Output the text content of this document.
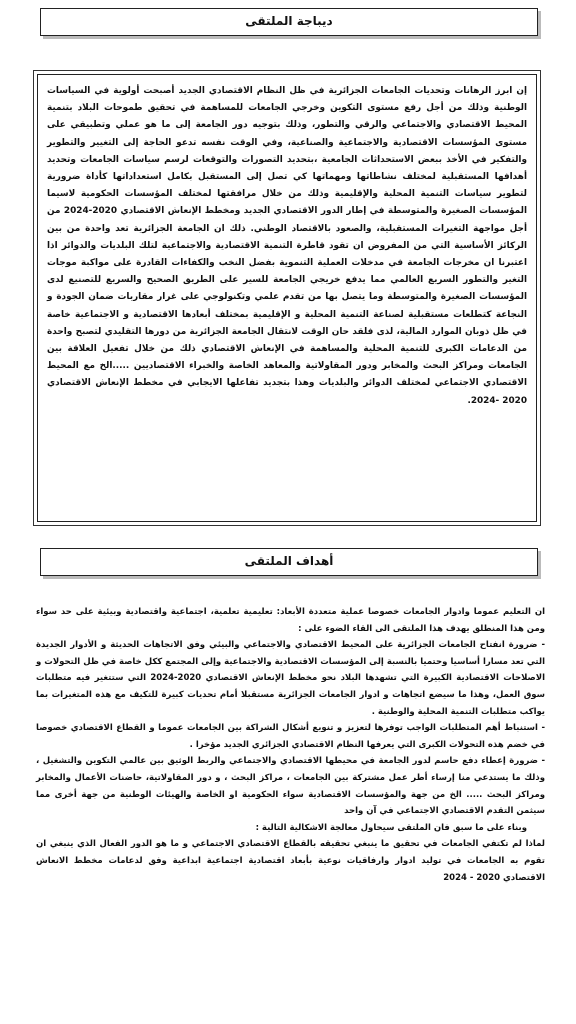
ديباجة الملتقى

إن ابرز الرهانات وتحديات الجامعات الجزائرية في ظل النظام الاقتصادي الجديد أصبحت أولوية في السياسات الوطنية وذلك من أجل رفع مستوى التكوين وخرجي الجامعات للمساهمة في تحقيق طموحات البلاد بتنمية المحيط الاقتصادي والاجتماعي والرقي والتطور، وذلك بتوجيه دور الجامعة إلى ما هو عملي وتطبيقي على مستوى المؤسسات الاقتصادية والاجتماعية والصناعية، وفي الوقت نفسه تدعو الحاجة إلى التغيير والتطوير والتفكير في الأخذ ببعض الاستحداثات الجامعية ،بتحديد التصورات والتوقعات لرسم سياسات الجامعات وتحديد أهدافها المستقبلية لمختلف نشاطاتها ومهماتها كي تصل إلى المستقبل بكامل استعداداتها كأداة ضرورية لتطوير سياسات التنمية المحلية والإقليمية وذلك من خلال مرافقتها لمختلف المؤسسات الحكومية لاسيما المؤسسات الصغيرة والمتوسطة في إطار الدور الاقتصادي الجديد ومخطط الإنعاش الاقتصادي 2020-2024 من أجل مواجهة التغيرات المستقبلية، والصعود بالاقتصاد الوطني. ذلك ان الجامعة الجزائرية تعد واحدة من بين الركائز الأساسية التي من المفروض ان تقود قاطرة التنمية الاقتصادية والاجتماعية لتلك البلديات والدوائر اذا اعتبرنا ان مخرجات الجامعة في مدخلات العملية التنموية بفضل النخب والكفاءات القادرة على مواكبة موجات التغير والتطور السريع العالمي مما يدفع خريجي الجامعة للسير على الطريق الصحيح والسريع للتصنيع لدى المؤسسات الصغيرة والمتوسطة وما يتصل بها من تقدم علمي وتكنولوجي على غرار مقاربات ضمان الجودة و النجاعة كتطلعات مستقبلية لصناعة التنمية المحلية و الإقليمية بمختلف أبعادها الاقتصادية و الاجتماعية خاصة في ظل ذوبان الموارد المالية، لذى فلقد حان الوقت لانتقال الجامعة الجزائرية من دورها التقليدي لتصبح واحدة من الدعامات الكبرى للتنمية المحلية والمساهمة في الإنعاش الاقتصادي ذلك من خلال تفعيل العلاقة بين الجامعات ومراكز البحث والمخابر ودور المقاولاتية والمعاهد الخاصة والخبراء الاقتصاديين .....الخ مع المحيط الاقتصادي الاجتماعي لمختلف الدوائر والبلديات وهذا بتجديد تفاعلها الايجابي في مخطط الإنعاش الاقتصادي 2020 -2024.

أهداف الملتقى

ان التعليم عموما وادوار الجامعات خصوصا عملية متعددة الأبعاد: تعليمية تعلمية، اجتماعية واقتصادية وبيئية على حد سواء ومن هذا المنطلق يهدف هذا الملتقى الى القاء الضوء على :

- ضرورة انفتاح الجامعات الجزائرية على المحيط الاقتصادي والاجتماعي والبيئي وفق الاتجاهات الحديثة و الأدوار الجديدة التي تعد مسارا أساسيا وحتميا بالنسبة إلى المؤسسات الاقتصادية والاجتماعية وإلى المجتمع ككل خاصة في ظل التحولات و الاصلاحات الاقتصادية الكبيرة التي تشهدها البلاد نحو مخطط الإنعاش الاقتصادي 2020-2024 التي ستتغير فيه متطلبات سوق العمل، وهذا ما سيضع اتجاهات و ادوار الجامعات الجزائرية مستقبلا أمام تحديات كبيرة للتكيف مع هذه المتغيرات بما يواكب متطلبات التنمية المحلية والوطنية .

- استنباط أهم المتطلبات الواجب توفرها لتعزيز و تنويع أشكال الشراكة بين الجامعات عموما و القطاع الاقتصادي خصوصا في خضم هذه التحولات الكبرى التي يعرفها النظام الاقتصادي الجزائري الجديد مؤخرا .

- ضرورة إعطاء دفع حاسم لدور الجامعة في محيطها الاقتصادي والاجتماعي والربط الوثيق بين عالمي التكوين والتشغيل ، وذلك ما يستدعي منا إرساء أطر عمل مشتركة بين الجامعات ، مراكز البحث ، و دور المقاولاتية، حاضنات الأعمال والمخابر ومراكز البحث ..... الخ من جهة والمؤسسات الاقتصادية سواء الحكومية او الخاصة والهيئات الوطنية من جهة أخرى مما سيثمن التقدم الاقتصادي الاجتماعي في آن واحد

وبناء على ما سبق فان الملتقى سيحاول معالجة الاشكالية التالية :

لماذا لم تكتفي الجامعات في تحقيق ما ينبغي تحقيقه بالقطاع الاقتصادي الاجتماعي و ما هو الدور الفعال الذي ينبغي ان تقوم به الجامعات في توليد ادوار وارفاقيات نوعية بأبعاد اقتصادية اجتماعية ابداعية وفق لدعامات مخطط الانعاش الاقتصادي 2020 - 2024
